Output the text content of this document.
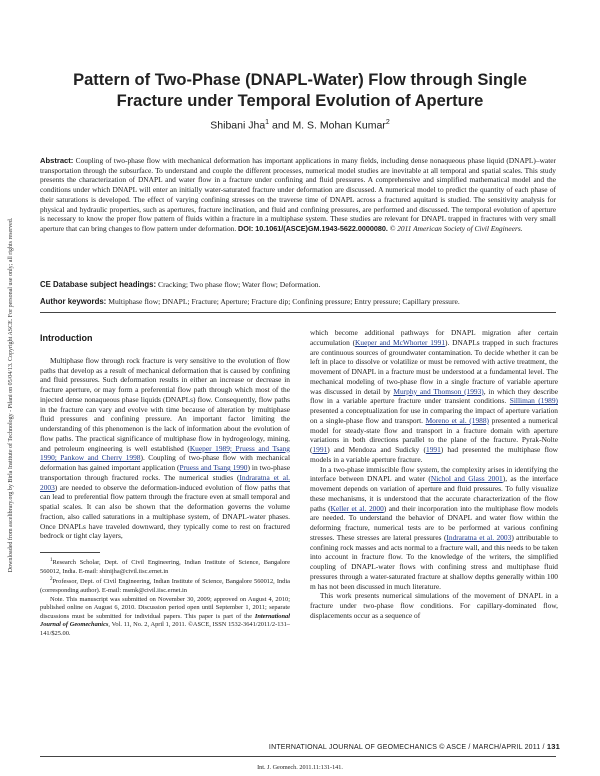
Downloaded from ascelibrary.org by Birla Institute of Technology - Pilani on 05/04/13. Copyright ASCE. For personal use only; all rights reserved.
Pattern of Two-Phase (DNAPL-Water) Flow through Single Fracture under Temporal Evolution of Aperture
Shibani Jha$^1$ and M. S. Mohan Kumar$^2$
Abstract: Coupling of two-phase flow with mechanical deformation has important applications in many fields, including dense nonaqueous phase liquid (DNAPL)–water transportation through the subsurface. To understand and couple the different processes, numerical model studies are inevitable at all temporal and spatial scales. This study presents the characterization of DNAPL and water flow in a fracture under confining and fluid pressures. A comprehensive and simplified mathematical model and the conditions under which DNAPL will enter an initially water-saturated fracture under deformation are discussed. A numerical model to predict the quantity of each phase of their saturations is developed. The effect of varying confining stresses on the traverse time of DNAPL across a fractured aquitard is studied. The sensitivity analysis for physical and hydraulic properties, such as apertures, fracture inclination, and fluid and confining pressures, are performed and discussed. The temporal evolution of aperture is necessary to know the proper flow pattern of fluids within a fracture in a multiphase system. These studies are relevant for DNAPL trapped in fractures with very small aperture that can bring changes to flow pattern under deformation. DOI: 10.1061/(ASCE)GM.1943-5622.0000080. © 2011 American Society of Civil Engineers.
CE Database subject headings: Cracking; Two phase flow; Water flow; Deformation.
Author keywords: Multiphase flow; DNAPL; Fracture; Aperture; Fracture dip; Confining pressure; Entry pressure; Capillary pressure.
Introduction

Multiphase flow through rock fracture is very sensitive to the evolution of flow paths that develop as a result of mechanical deformation that is caused by confining and fluid pressures. Such deformation results in either an increase or decrease in fracture aperture, or may form a preferential flow path through which most of the injected dense nonaqueous phase liquids (DNAPLs) flow. Consequently, flow paths in the fracture can vary and evolve with time because of alteration by multiphase fluid pressures and confining pressure. An important factor limiting the understanding of this phenomenon is the lack of information about the evolution of flow paths. The practical significance of multiphase flow in hydrogeology, mining, and petroleum engineering is well established (Kueper 1989; Pruess and Tsang 1990; Pankow and Cherry 1998). Coupling of two-phase flow with mechanical deformation has gained important application (Pruess and Tsang 1990) in two-phase transportation through fractured rocks. The numerical studies (Indraratna et al. 2003) are needed to observe the deformation-induced evolution of flow paths that can lead to preferential flow pattern through the fracture even at small temporal and spatial scales. It can also be shown that the deformation governs the volume fraction, also called saturations in a multiphase system, of DNAPL-water phases. Once DNAPLs have traveled downward, they typically come to rest on fractured bedrock or tight clay layers,

$^1$Research Scholar, Dept. of Civil Engineering, Indian Institute of Science, Bangalore 560012, India. E-mail: shinijha@civil.iisc.ernet.in

$^2$Professor, Dept. of Civil Engineering, Indian Institute of Science, Bangalore 560012, India (corresponding author). E-mail: msmk@civil.iisc.ernet.in

Note. This manuscript was submitted on November 30, 2009; approved on August 4, 2010; published online on August 6, 2010. Discussion period open until September 1, 2011; separate discussions must be submitted for individual papers. This paper is part of the International Journal of Geomechanics, Vol. 11, No. 2, April 1, 2011. ©ASCE, ISSN 1532-3641/2011/2-131–141/$25.00.

which become additional pathways for DNAPL migration after certain accumulation (Kueper and McWhorter 1991). DNAPLs trapped in such fractures are continuous sources of groundwater contamination. To decide whether it can be left in place to dissolve or volatilize or must be removed with active treatment, the movement of DNAPL in a fracture must be understood at a fundamental level. The mechanical modeling of two-phase flow in a single fracture of variable aperture was discussed in detail by Murphy and Thomson (1993), in which they describe flow in a variable aperture fracture under transient conditions. Silliman (1989) presented a conceptualization for use in comparing the impact of aperture variation on a single-phase flow and transport. Moreno et al. (1988) presented a numerical model for steady-state flow and transport in a fracture domain with aperture variations in both directions parallel to the plane of the fracture. Pyrak-Nolte (1991) and Mendoza and Sudicky (1991) had presented the multiphase flow models in a variable aperture fracture.

In a two-phase immiscible flow system, the complexity arises in identifying the interface between DNAPL and water (Nichol and Glass 2001), as the interface movement depends on variation of aperture and fluid pressures. To fully visualize these mechanisms, it is understood that the accurate characterization of the flow paths (Keller et al. 2000) and their incorporation into the multiphase flow models are needed. To understand the behavior of DNAPL and water flow within the deforming fracture, numerical tests are to be performed at various confining stresses. These stresses are lateral pressures (Indraratna et al. 2003) attributable to confining rock masses and acts normal to a fracture wall, and this needs to be taken into account in fracture flow. To the knowledge of the writers, the simplified coupling of DNAPL-water flows with confining stress and multiphase fluid pressures through a water-saturated fracture at shallow depths generally within 100 m has not been discussed in much literature.

This work presents numerical simulations of the movement of DNAPL in a fracture under two-phase flow conditions. For capillary-dominated flow, displacements occur as a sequence of

INTERNATIONAL JOURNAL OF GEOMECHANICS © ASCE / MARCH/APRIL 2011 / 131
Int. J. Geomech. 2011.11:131-141.
